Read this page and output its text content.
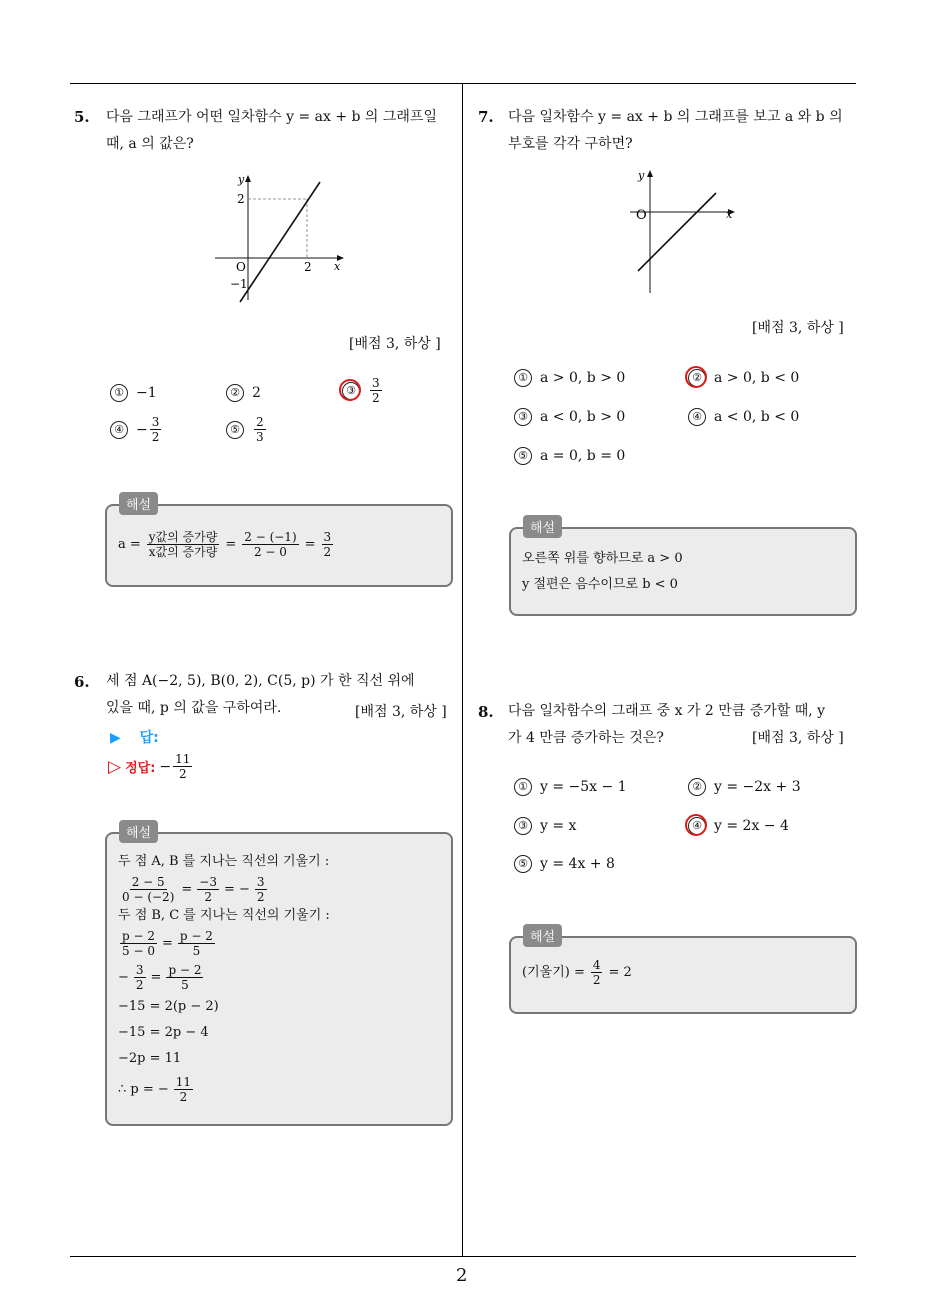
2
5. 다음 그래프가 어떤 일차함수 y = ax + b 의 그래프일
때, a 의 값은?
y
x
O
2
2
−1
[배점 3, 하상 ]
① −1	② 2	③	$\frac{3}{2}$
④ − $\frac{3}{2}$	⑤	$\frac{2}{3}$
해설
$a = \frac{\text{y값의 증가량}}{\text{x값의 증가량}} = \frac{2 - (-1)}{2 - 0} = \frac{3}{2}$
6. 세 점 A(−2, 5), B(0, 2), C(5, p) 가 한 직선 위에
있을 때, p 의 값을 구하여라.	[배점 3, 하상 ]
▶ 답:
▷ 정답: − $\frac{11}{2}$
해설
두 점 A, B 를 지나는 직선의 기울기 :
$\frac{2 - 5}{0 - (-2)} = \frac{-3}{2}$ = − $\frac{3}{2}$
두 점 B, C 를 지나는 직선의 기울기 :
$\frac{p - 2}{5 - 0} = \frac{p - 2}{5}$
− $\frac{3}{2} = \frac{p - 2}{5}$
−15 = 2(p − 2)
−15 = 2p − 4
−2p = 11
∴ p = − $\frac{11}{2}$
7. 다음 일차함수 y = ax + b 의 그래프를 보고 a 와 b 의
부호를 각각 구하면?
y
x
O
[배점 3, 하상 ]
① a > 0, b > 0	② a > 0, b < 0
③ a < 0, b > 0	④ a < 0, b < 0
⑤ a = 0, b = 0
해설
오른쪽 위를 향하므로 a > 0
y 절편은 음수이므로 b < 0
8. 다음 일차함수의 그래프 중 x 가 2 만큼 증가할 때, y
가 4 만큼 증가하는 것은?	[배점 3, 하상 ]
① y = −5x − 1	② y = −2x + 3
③ y = x	④ y = 2x − 4
⑤ y = 4x + 8
해설
(기울기) = $\frac{4}{2} = 2$
